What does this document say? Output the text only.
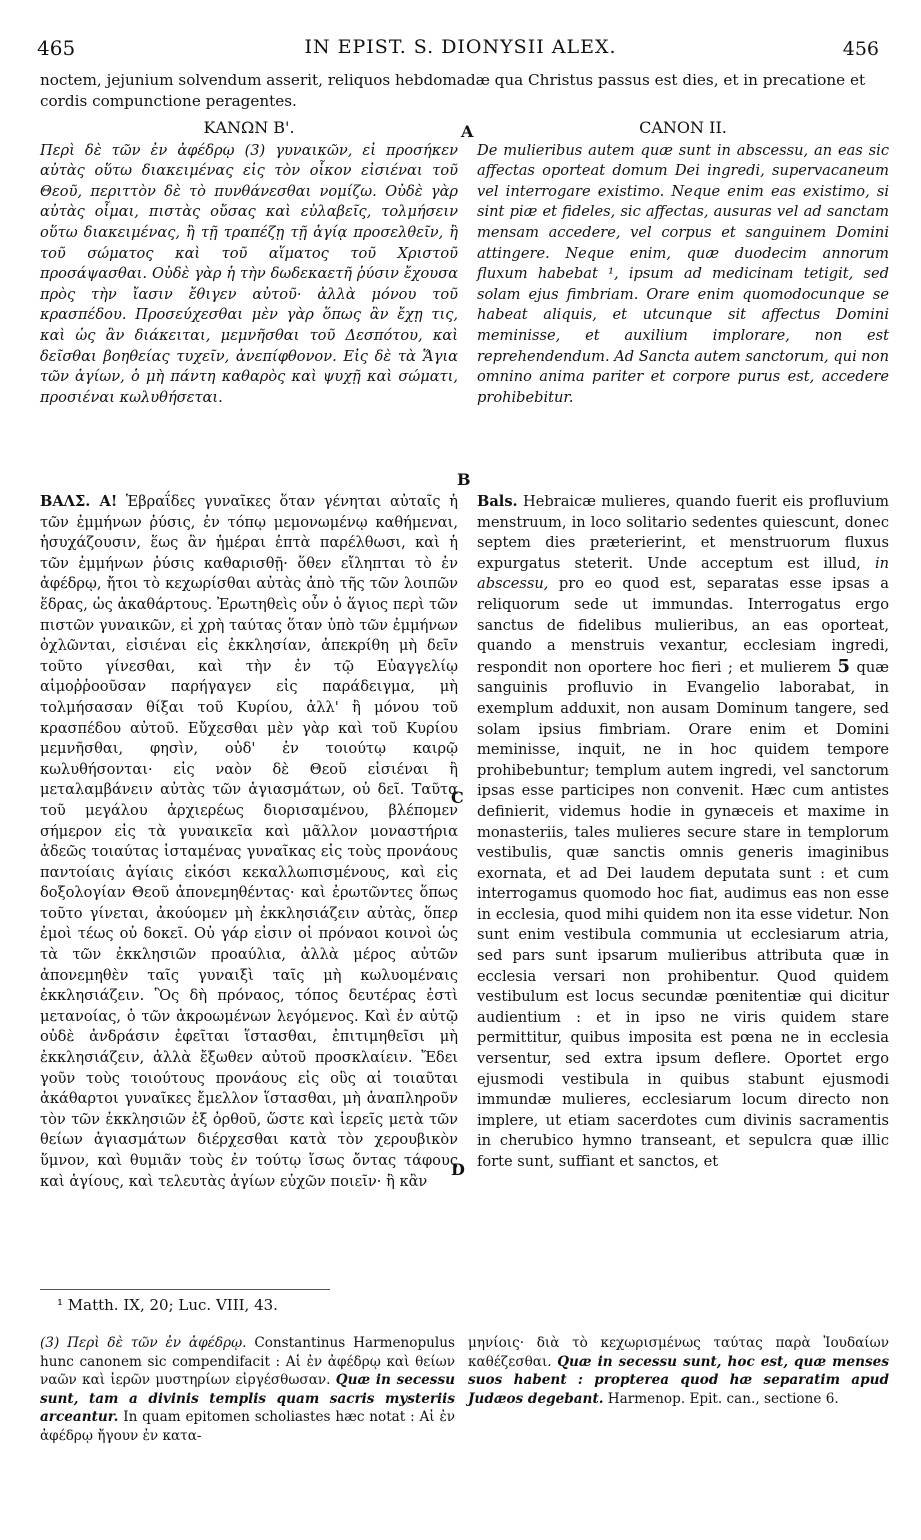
465	IN EPIST. S. DIONYSII ALEX.	456

noctem, jejunium solvendum asserit, reliquos hebdomadæ qua Christus passus est dies, et in precatione et cordis compunctione peragentes.

ΚΑΝΩΝ Β'.

Περὶ δὲ τῶν ἐν ἀφέδρῳ (3) γυναικῶν, εἰ προσήκεν αὐτὰς οὕτω διακειμένας εἰς τὸν οἶκον εἰσιέναι τοῦ Θεοῦ, περιττὸν δὲ τὸ πυνθάνεσθαι νομίζω. Οὐδὲ γὰρ αὐτὰς οἶμαι, πιστὰς οὔσας καὶ εὐλαβεῖς, τολμήσειν οὕτω διακειμένας, ἢ τῇ τραπέζῃ τῇ ἁγίᾳ προσελθεῖν, ἢ τοῦ σώματος καὶ τοῦ αἵματος τοῦ Χριστοῦ προσάψασθαι. Οὐδὲ γὰρ ἡ τὴν δωδεκαετῆ ῥύσιν ἔχουσα πρὸς τὴν ἴασιν ἔθιγεν αὐτοῦ· ἀλλὰ μόνου τοῦ κρασπέδου. Προσεύχεσθαι μὲν γὰρ ὅπως ἂν ἔχῃ τις, καὶ ὡς ἂν διάκειται, μεμνῆσθαι τοῦ Δεσπότου, καὶ δεῖσθαι βοηθείας τυχεῖν, ἀνεπίφθονον. Εἰς δὲ τὰ Ἅγια τῶν ἁγίων, ὁ μὴ πάντη καθαρὸς καὶ ψυχῇ καὶ σώματι, προσιέναι κωλυθήσεται.

CANON II.

De mulieribus autem quæ sunt in abscessu, an eas sic affectas oporteat domum Dei ingredi, supervacaneum vel interrogare existimo. Neque enim eas existimo, si sint piæ et fideles, sic affectas, ausuras vel ad sanctam mensam accedere, vel corpus et sanguinem Domini attingere. Neque enim, quæ duodecim annorum fluxum habebat ¹, ipsum ad medicinam tetigit, sed solam ejus fimbriam. Orare enim quomodocunque se habeat aliquis, et utcunque sit affectus Domini meminisse, et auxilium implorare, non est reprehendendum. Ad Sancta autem sanctorum, qui non omnino anima pariter et corpore purus est, accedere prohibebitur.

ΒΑΛΣ. Α! Ἑβραΐδες γυναῖκες ὅταν γένηται αὐταῖς ἡ τῶν ἐμμήνων ῥύσις, ἐν τόπῳ μεμονωμένῳ καθήμεναι, ἡσυχάζουσιν, ἕως ἂν ἡμέραι ἑπτὰ παρέλθωσι, καὶ ἡ τῶν ἐμμήνων ῥύσις καθαρισθῇ· ὅθεν εἴληπται τὸ ἐν ἀφέδρῳ, ἤτοι τὸ κεχωρίσθαι αὐτὰς ἀπὸ τῆς τῶν λοιπῶν ἕδρας, ὡς ἀκαθάρτους. Ἐρωτηθεὶς οὖν ὁ ἅγιος περὶ τῶν πιστῶν γυναικῶν, εἰ χρὴ ταύτας ὅταν ὑπὸ τῶν ἐμμήνων ὀχλῶνται, εἰσιέναι εἰς ἐκκλησίαν, ἀπεκρίθη μὴ δεῖν τοῦτο γίνεσθαι, καὶ τὴν ἐν τῷ Εὐαγγελίῳ αἱμοῤῥοοῦσαν παρήγαγεν εἰς παράδειγμα, μὴ τολμήσασαν θίξαι τοῦ Κυρίου, ἀλλ' ἢ μόνου τοῦ κρασπέδου αὐτοῦ. Εὔχεσθαι μὲν γὰρ καὶ τοῦ Κυρίου μεμνῆσθαι, φησὶν, οὐδ' ἐν τοιούτῳ καιρῷ κωλυθήσονται· εἰς ναὸν δὲ Θεοῦ εἰσιέναι ἢ μεταλαμβάνειν αὐτὰς τῶν ἁγιασμάτων, οὐ δεῖ. Ταῦτα τοῦ μεγάλου ἀρχιερέως διορισαμένου, βλέπομεν σήμερον εἰς τὰ γυναικεῖα καὶ μᾶλλον μοναστήρια ἀδεῶς τοιαύτας ἱσταμένας γυναῖκας εἰς τοὺς προνάους παντοίαις ἁγίαις εἰκόσι κεκαλλωπισμένους, καὶ εἰς δοξολογίαν Θεοῦ ἀπονεμηθέντας· καὶ ἐρωτῶντες ὅπως τοῦτο γίνεται, ἀκούομεν μὴ ἐκκλησιάζειν αὐτὰς, ὅπερ ἐμοὶ τέως οὐ δοκεῖ. Οὐ γάρ εἰσιν οἱ πρόναοι κοινοὶ ὡς τὰ τῶν ἐκκλησιῶν προαύλια, ἀλλὰ μέρος αὐτῶν ἀπονεμηθὲν ταῖς γυναιξὶ ταῖς μὴ κωλυομέναις ἐκκλησιάζειν. Ὃς δὴ πρόναος, τόπος δευτέρας ἐστὶ μετανοίας, ὁ τῶν ἀκροωμένων λεγόμενος. Καὶ ἐν αὐτῷ οὐδὲ ἀνδράσιν ἐφεῖται ἵστασθαι, ἐπιτιμηθεῖσι μὴ ἐκκλησιάζειν, ἀλλὰ ἔξωθεν αὐτοῦ προσκλαίειν. Ἔδει γοῦν τοὺς τοιούτους προνάους εἰς οὓς αἱ τοιαῦται ἀκάθαρτοι γυναῖκες ἔμελλον ἵστασθαι, μὴ ἀναπληροῦν τὸν τῶν ἐκκλησιῶν ἐξ ὀρθοῦ, ὥστε καὶ ἱερεῖς μετὰ τῶν θείων ἁγιασμάτων διέρχεσθαι κατὰ τὸν χερουβικὸν ὕμνον, καὶ θυμιᾶν τοὺς ἐν τούτῳ ἴσως ὄντας τάφους καὶ ἁγίους, καὶ τελευτὰς ἁγίων εὐχῶν ποιεῖν· ἢ κἂν

Bals. Hebraicæ mulieres, quando fuerit eis profluvium menstruum, in loco solitario sedentes quiescunt, donec septem dies præterierint, et menstruorum fluxus expurgatus steterit. Unde acceptum est illud, in abscessu, pro eo quod est, separatas esse ipsas a reliquorum sede ut immundas. Interrogatus ergo sanctus de fidelibus mulieribus, an eas oporteat, quando a menstruis vexantur, ecclesiam ingredi, respondit non oportere hoc fieri ; et mulierem 5 quæ sanguinis profluvio in Evangelio laborabat, in exemplum adduxit, non ausam Dominum tangere, sed solam ipsius fimbriam. Orare enim et Domini meminisse, inquit, ne in hoc quidem tempore prohibebuntur; templum autem ingredi, vel sanctorum ipsas esse participes non convenit. Hæc cum antistes definierit, videmus hodie in gynæceis et maxime in monasteriis, tales mulieres secure stare in templorum vestibulis, quæ sanctis omnis generis imaginibus exornata, et ad Dei laudem deputata sunt : et cum interrogamus quomodo hoc fiat, audimus eas non esse in ecclesia, quod mihi quidem non ita esse videtur. Non sunt enim vestibula communia ut ecclesiarum atria, sed pars sunt ipsarum mulieribus attributa quæ in ecclesia versari non prohibentur. Quod quidem vestibulum est locus secundæ pœnitentiæ qui dicitur audientium : et in ipso ne viris quidem stare permittitur, quibus imposita est pœna ne in ecclesia versentur, sed extra ipsum deflere. Oportet ergo ejusmodi vestibula in quibus stabunt ejusmodi immundæ mulieres, ecclesiarum locum directo non implere, ut etiam sacerdotes cum divinis sacramentis in cherubico hymno transeant, et sepulcra quæ illic forte sunt, suffiant et sanctos, et

A
B
C
D
¹ Matth. IX, 20; Luc. VIII, 43.

(3) Περὶ δὲ τῶν ἐν ἀφέδρῳ. Constantinus Harmenopulus hunc canonem sic compendifacit : Αἱ ἐν ἀφέδρῳ καὶ θείων ναῶν καὶ ἱερῶν μυστηρίων εἰργέσθωσαν. Quæ in secessu sunt, tam a divinis templis quam sacris mysteriis arceantur. In quam epitomen scholiastes hæc notat : Αἱ ἐν ἀφέδρῳ ἤγουν ἐν κατα-

μηνίοις· διὰ τὸ κεχωρισμένως ταύτας παρὰ Ἰουδαίων καθέζεσθαι. Quæ in secessu sunt, hoc est, quæ menses suos habent : propterea quod hæ separatim apud Judæos degebant. Harmenop. Epit. can., sectione 6.
